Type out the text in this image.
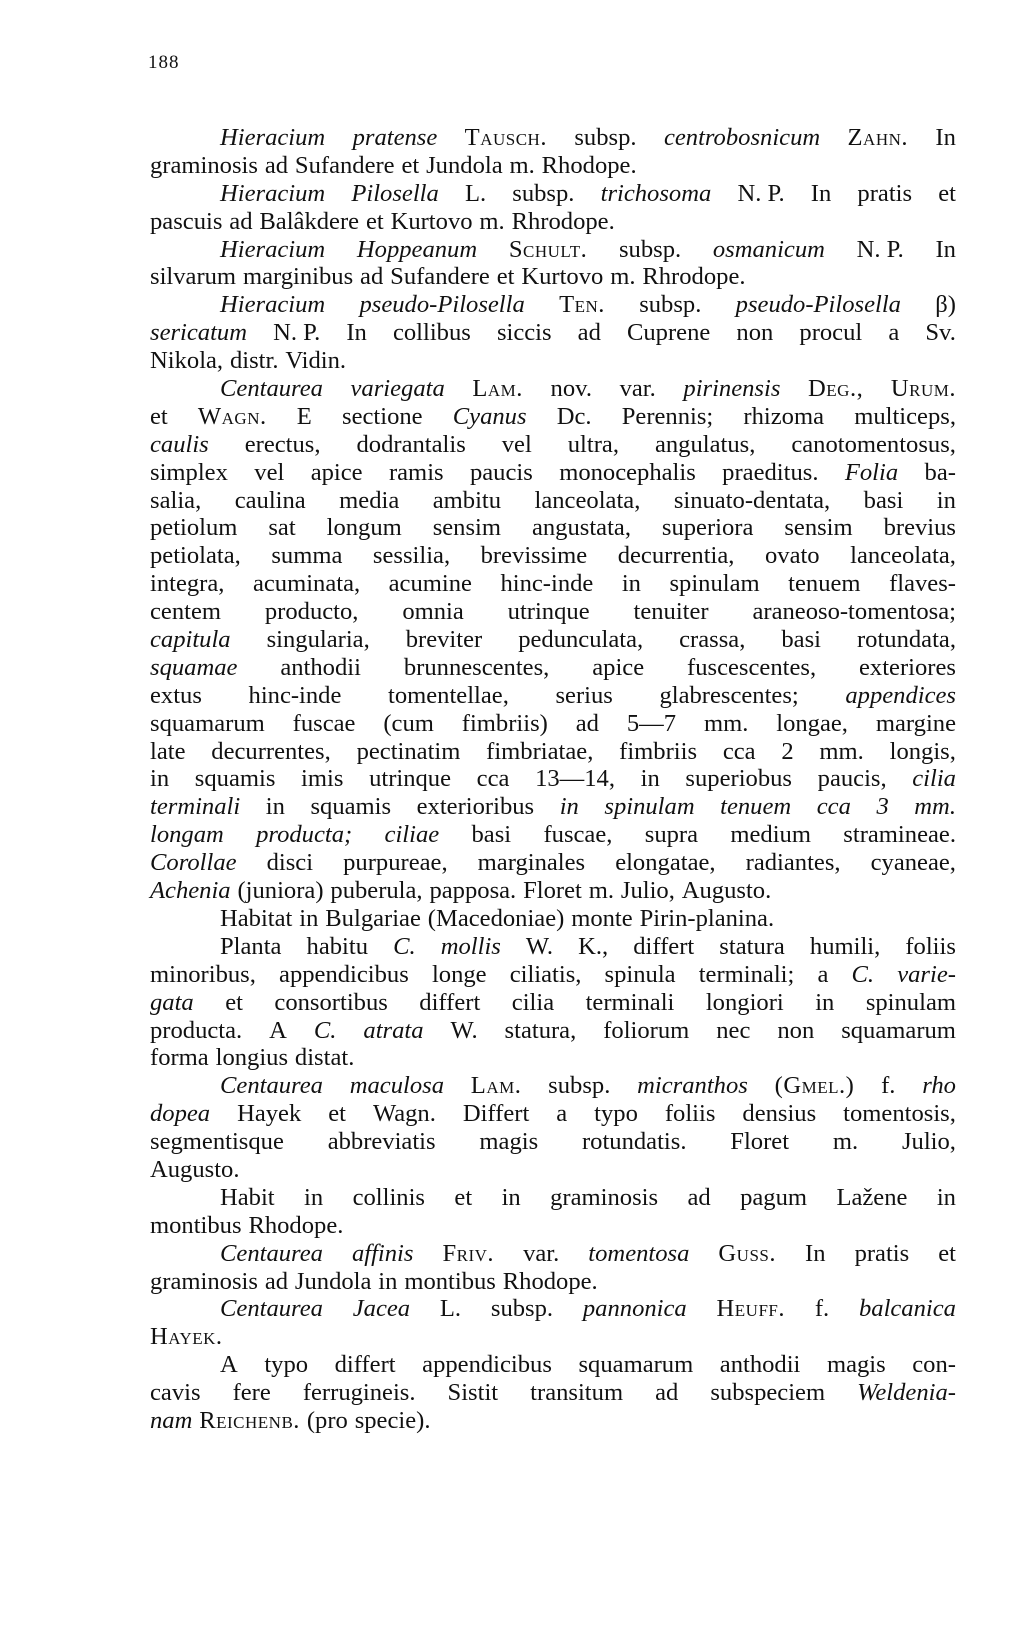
188
Hieracium pratense Tausch. subsp. centrobosnicum Zahn. In
graminosis ad Sufandere et Jundola m. Rhodope.
Hieracium Pilosella L. subsp. trichosoma N. P. In pratis et
pascuis ad Balâkdere et Kurtovo m. Rhrodope.
Hieracium Hoppeanum Schult. subsp. osmanicum N. P. In
silvarum marginibus ad Sufandere et Kurtovo m. Rhrodope.
Hieracium pseudo-Pilosella Ten. subsp. pseudo-Pilosella β)
sericatum N. P. In collibus siccis ad Cuprene non procul a Sv.
Nikola, distr. Vidin.
Centaurea variegata Lam. nov. var. pirinensis Deg., Urum.
et Wagn. E sectione Cyanus Dc. Perennis; rhizoma multiceps,
caulis erectus, dodrantalis vel ultra, angulatus, canotomentosus,
simplex vel apice ramis paucis monocephalis praeditus. Folia ba-
salia, caulina media ambitu lanceolata, sinuato-dentata, basi in
petiolum sat longum sensim angustata, superiora sensim brevius
petiolata, summa sessilia, brevissime decurrentia, ovato lanceolata,
integra, acuminata, acumine hinc-inde in spinulam tenuem flaves-
centem producto, omnia utrinque tenuiter araneoso-tomentosa;
capitula singularia, breviter pedunculata, crassa, basi rotundata,
squamae anthodii brunnescentes, apice fuscescentes, exteriores
extus hinc-inde tomentellae, serius glabrescentes; appendices
squamarum fuscae (cum fimbriis) ad 5—7 mm. longae, margine
late decurrentes, pectinatim fimbriatae, fimbriis cca 2 mm. longis,
in squamis imis utrinque cca 13—14, in superiobus paucis, cilia
terminali in squamis exterioribus in spinulam tenuem cca 3 mm.
longam producta; ciliae basi fuscae, supra medium stramineae.
Corollae disci purpureae, marginales elongatae, radiantes, cyaneae,
Achenia (juniora) puberula, papposa. Floret m. Julio, Augusto.
Habitat in Bulgariae (Macedoniae) monte Pirin-planina.
Planta habitu C. mollis W. K., differt statura humili, foliis
minoribus, appendicibus longe ciliatis, spinula terminali; a C. varie-
gata et consortibus differt cilia terminali longiori in spinulam
producta. A C. atrata W. statura, foliorum nec non squamarum
forma longius distat.
Centaurea maculosa Lam. subsp. micranthos (Gmel.) f. rho
dopea Hayek et Wagn. Differt a typo foliis densius tomentosis,
segmentisque abbreviatis magis rotundatis. Floret m. Julio,
Augusto.
Habit in collinis et in graminosis ad pagum Lažene in
montibus Rhodope.
Centaurea affinis Friv. var. tomentosa Guss. In pratis et
graminosis ad Jundola in montibus Rhodope.
Centaurea Jacea L. subsp. pannonica Heuff. f. balcanica
Hayek.
A typo differt appendicibus squamarum anthodii magis con-
cavis fere ferrugineis. Sistit transitum ad subspeciem Weldenia-
nam Reichenb. (pro specie).
